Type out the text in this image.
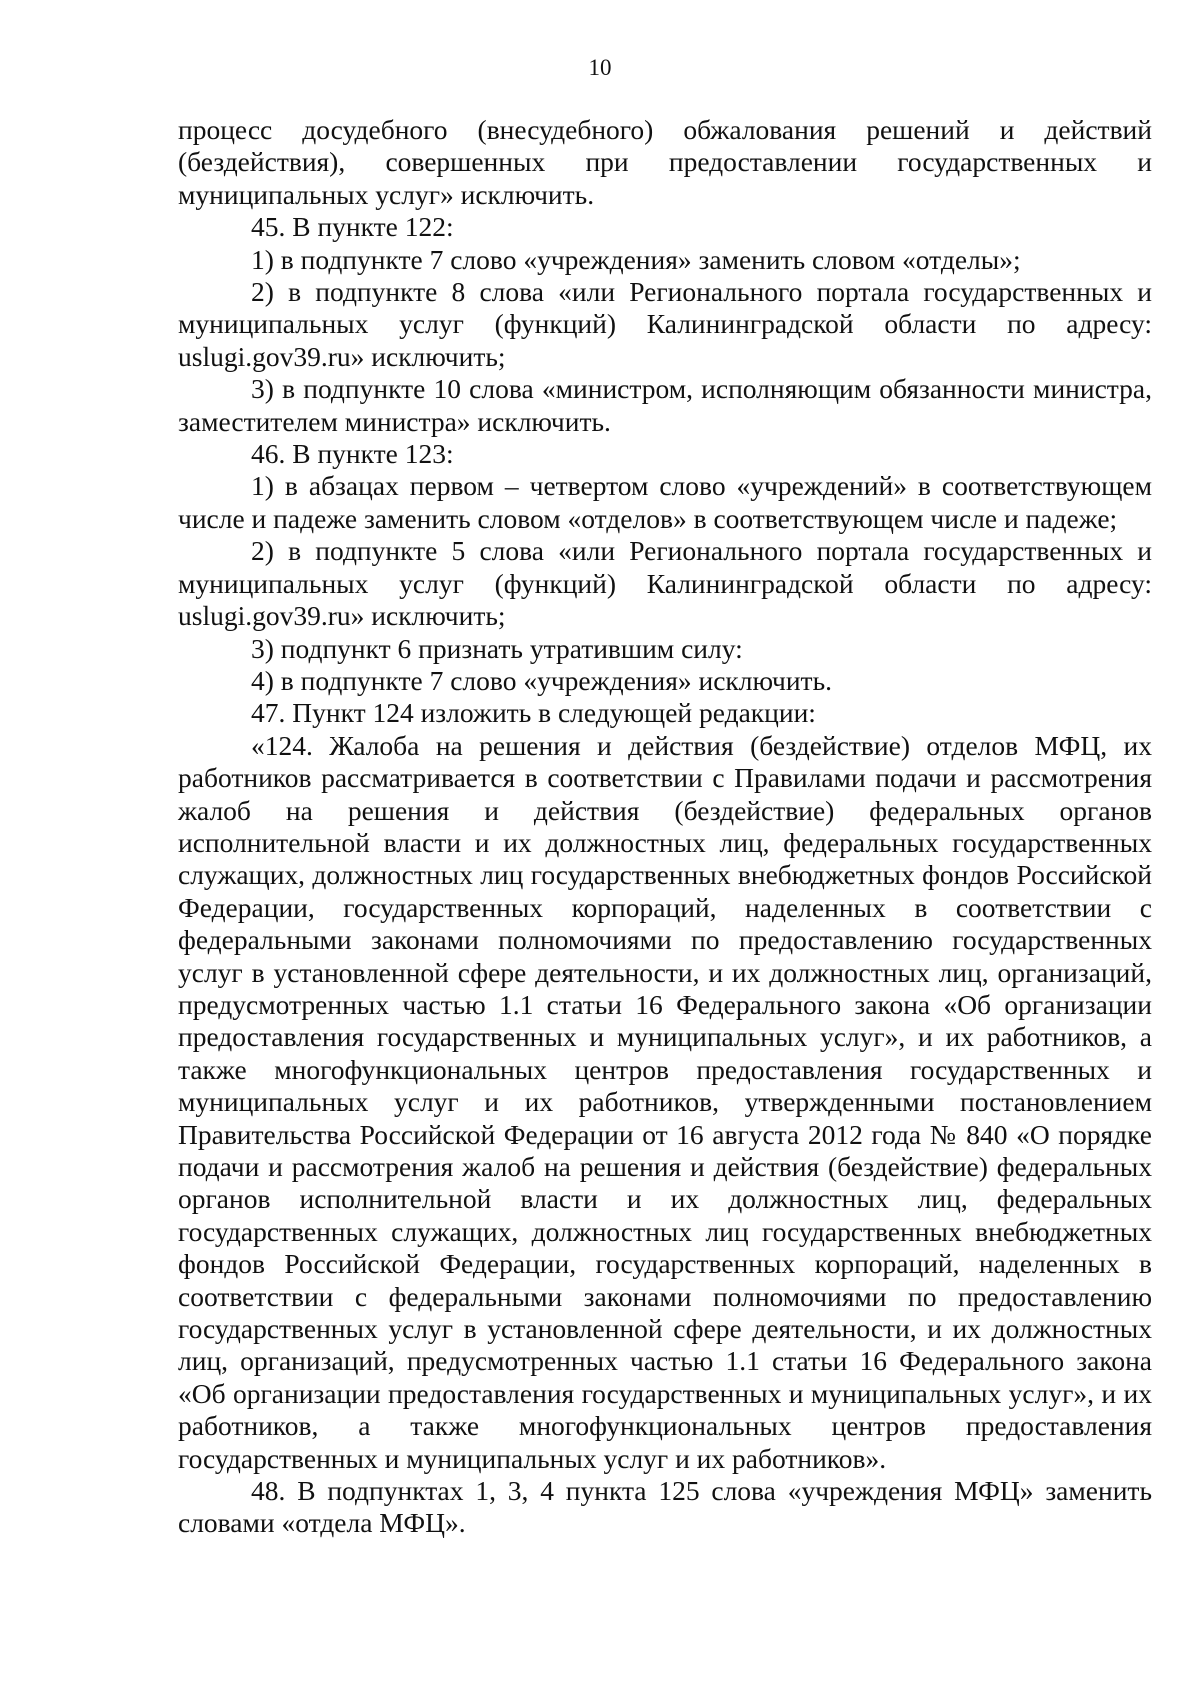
10

процесс досудебного (внесудебного) обжалования решений и действий (бездействия), совершенных при предоставлении государственных и муниципальных услуг» исключить.

45. В пункте 122:

1) в подпункте 7 слово «учреждения» заменить словом «отделы»;

2) в подпункте 8 слова «или Регионального портала государственных и муниципальных услуг (функций) Калининградской области по адресу: uslugi.gov39.ru» исключить;

3) в подпункте 10 слова «министром, исполняющим обязанности министра, заместителем министра» исключить.

46. В пункте 123:

1) в абзацах первом – четвертом слово «учреждений» в соответствующем числе и падеже заменить словом «отделов» в соответствующем числе и падеже;

2) в подпункте 5 слова «или Регионального портала государственных и муниципальных услуг (функций) Калининградской области по адресу: uslugi.gov39.ru» исключить;

3) подпункт 6 признать утратившим силу:

4) в подпункте 7 слово «учреждения» исключить.

47. Пункт 124 изложить в следующей редакции:

«124. Жалоба на решения и действия (бездействие) отделов МФЦ, их работников рассматривается в соответствии с Правилами подачи и рассмотрения жалоб на решения и действия (бездействие) федеральных органов исполнительной власти и их должностных лиц, федеральных государственных служащих, должностных лиц государственных внебюджетных фондов Российской Федерации, государственных корпораций, наделенных в соответствии с федеральными законами полномочиями по предоставлению государственных услуг в установленной сфере деятельности, и их должностных лиц, организаций, предусмотренных частью 1.1 статьи 16 Федерального закона «Об организации предоставления государственных и муниципальных услуг», и их работников, а также многофункциональных центров предоставления государственных и муниципальных услуг и их работников, утвержденными постановлением Правительства Российской Федерации от 16 августа 2012 года № 840 «О порядке подачи и рассмотрения жалоб на решения и действия (бездействие) федеральных органов исполнительной власти и их должностных лиц, федеральных государственных служащих, должностных лиц государственных внебюджетных фондов Российской Федерации, государственных корпораций, наделенных в соответствии с федеральными законами полномочиями по предоставлению государственных услуг в установленной сфере деятельности, и их должностных лиц, организаций, предусмотренных частью 1.1 статьи 16 Федерального закона «Об организации предоставления государственных и муниципальных услуг», и их работников, а также многофункциональных центров предоставления государственных и муниципальных услуг и их работников».

48. В подпунктах 1, 3, 4 пункта 125 слова «учреждения МФЦ» заменить словами «отдела МФЦ».
